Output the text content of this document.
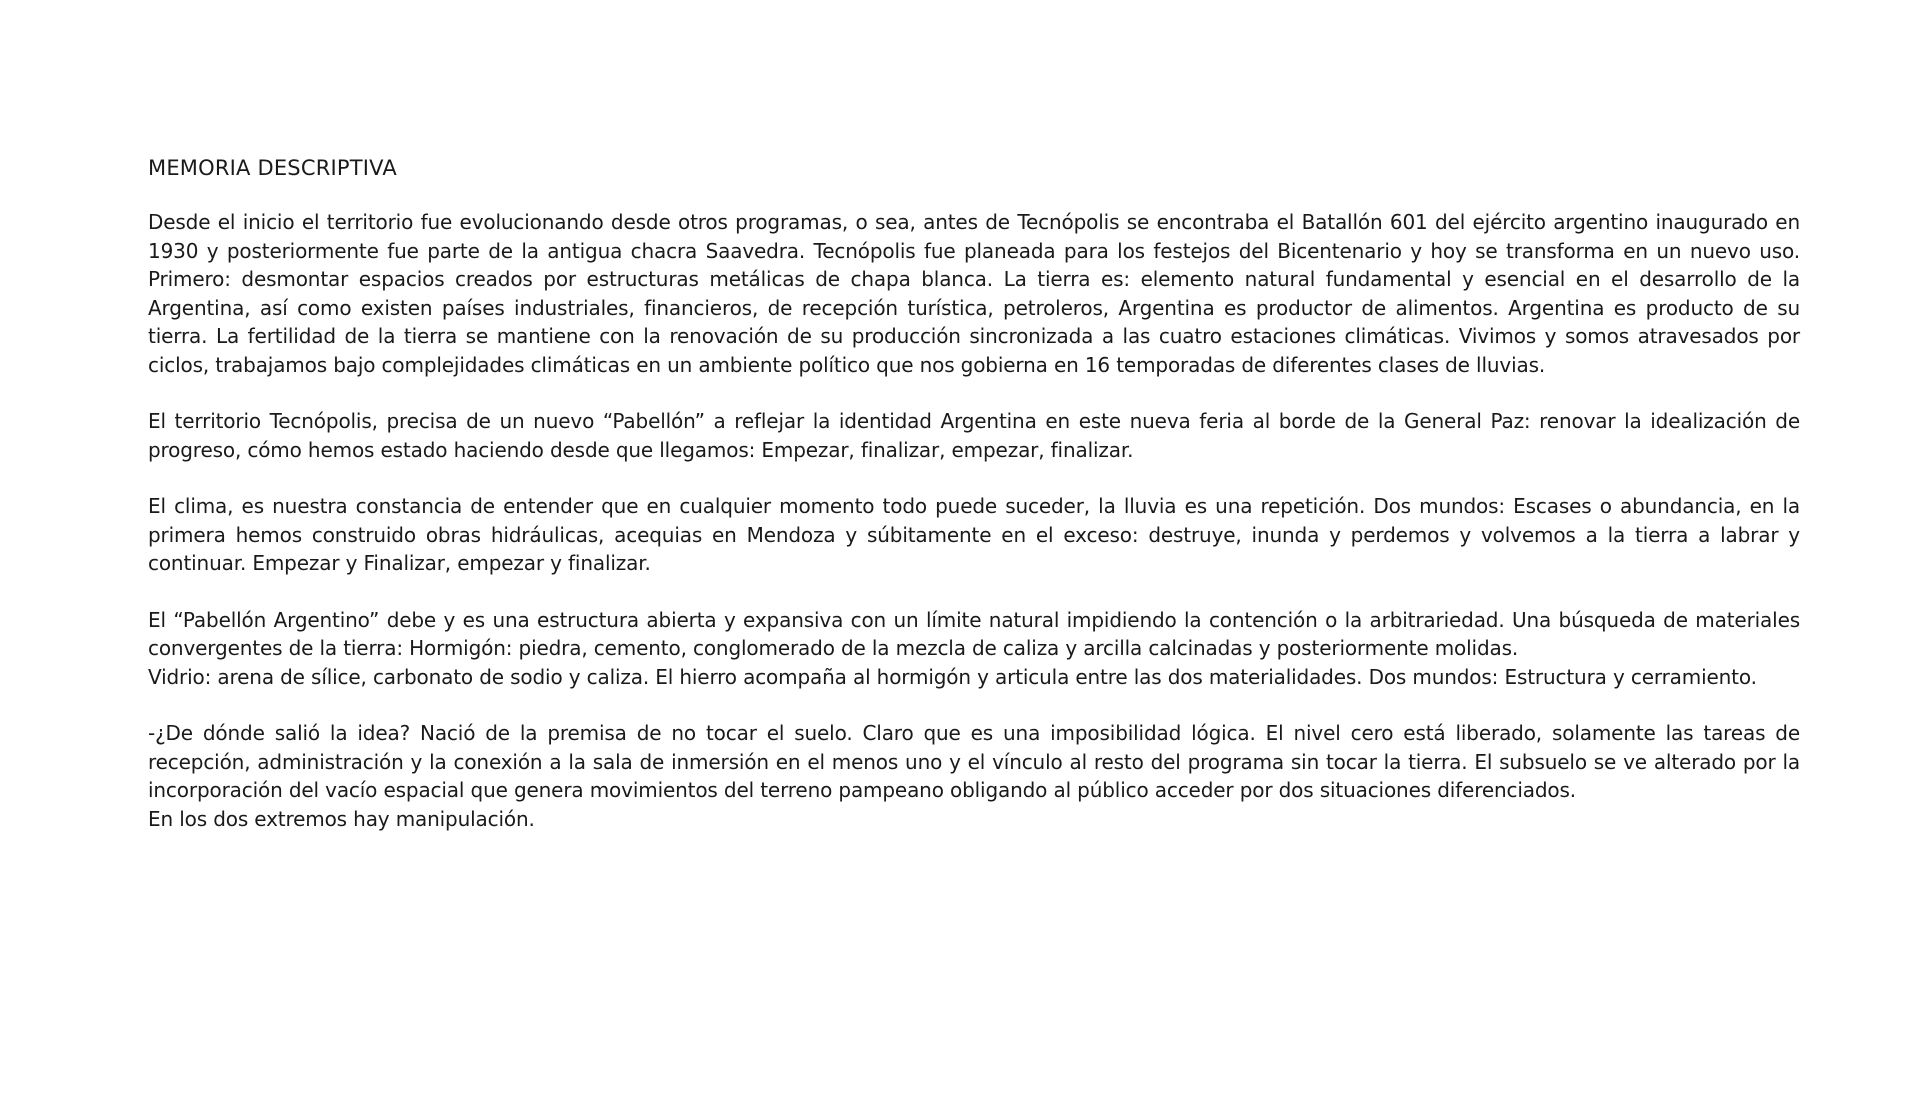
MEMORIA DESCRIPTIVA

Desde el inicio el territorio fue evolucionando desde otros programas, o sea, antes de Tecnópolis se encontraba el Batallón 601 del ejército argentino inaugurado en 1930 y posteriormente fue parte de la antigua chacra Saavedra. Tecnópolis fue planeada para los festejos del Bicentenario y hoy se transforma en un nuevo uso. Primero: desmontar espacios creados por estructuras metálicas de chapa blanca. La tierra es: elemento natural fundamental y esencial en el desarrollo de la Argentina, así como existen países industriales, financieros, de recepción turística, petroleros, Argentina es productor de alimentos. Argentina es producto de su tierra. La fertilidad de la tierra se mantiene con la renovación de su producción sincronizada a las cuatro estaciones climáticas. Vivimos y somos atravesados por ciclos, trabajamos bajo complejidades climáticas en un ambiente político que nos gobierna en 16 temporadas de diferentes clases de lluvias.

El territorio Tecnópolis, precisa de un nuevo “Pabellón” a reflejar la identidad Argentina en este nueva feria al borde de la General Paz: renovar la idealización de progreso, cómo hemos estado haciendo desde que llegamos: Empezar, finalizar, empezar, finalizar.

El clima, es nuestra constancia de entender que en cualquier momento todo puede suceder, la lluvia es una repetición. Dos mundos: Escases o abundancia, en la primera hemos construido obras hidráulicas, acequias en Mendoza y súbitamente en el exceso: destruye, inunda y perdemos y volvemos a la tierra a labrar y continuar. Empezar y Finalizar, empezar y finalizar.

El “Pabellón Argentino” debe y es una estructura abierta y expansiva con un límite natural impidiendo la contención o la arbitrariedad. Una búsqueda de materiales convergentes de la tierra: Hormigón: piedra, cemento, conglomerado de la mezcla de caliza y arcilla calcinadas y posteriormente molidas.
Vidrio: arena de sílice, carbonato de sodio y caliza. El hierro acompaña al hormigón y articula entre las dos materialidades. Dos mundos: Estructura y cerramiento.
-¿De dónde salió la idea? Nació de la premisa de no tocar el suelo. Claro que es una imposibilidad lógica. El nivel cero está liberado, solamente las tareas de recepción, administración y la conexión a la sala de inmersión en el menos uno y el vínculo al resto del programa sin tocar la tierra. El subsuelo se ve alterado por la incorporación del vacío espacial que genera movimientos del terreno pampeano obligando al público acceder por dos situaciones diferenciados.
En los dos extremos hay manipulación.
